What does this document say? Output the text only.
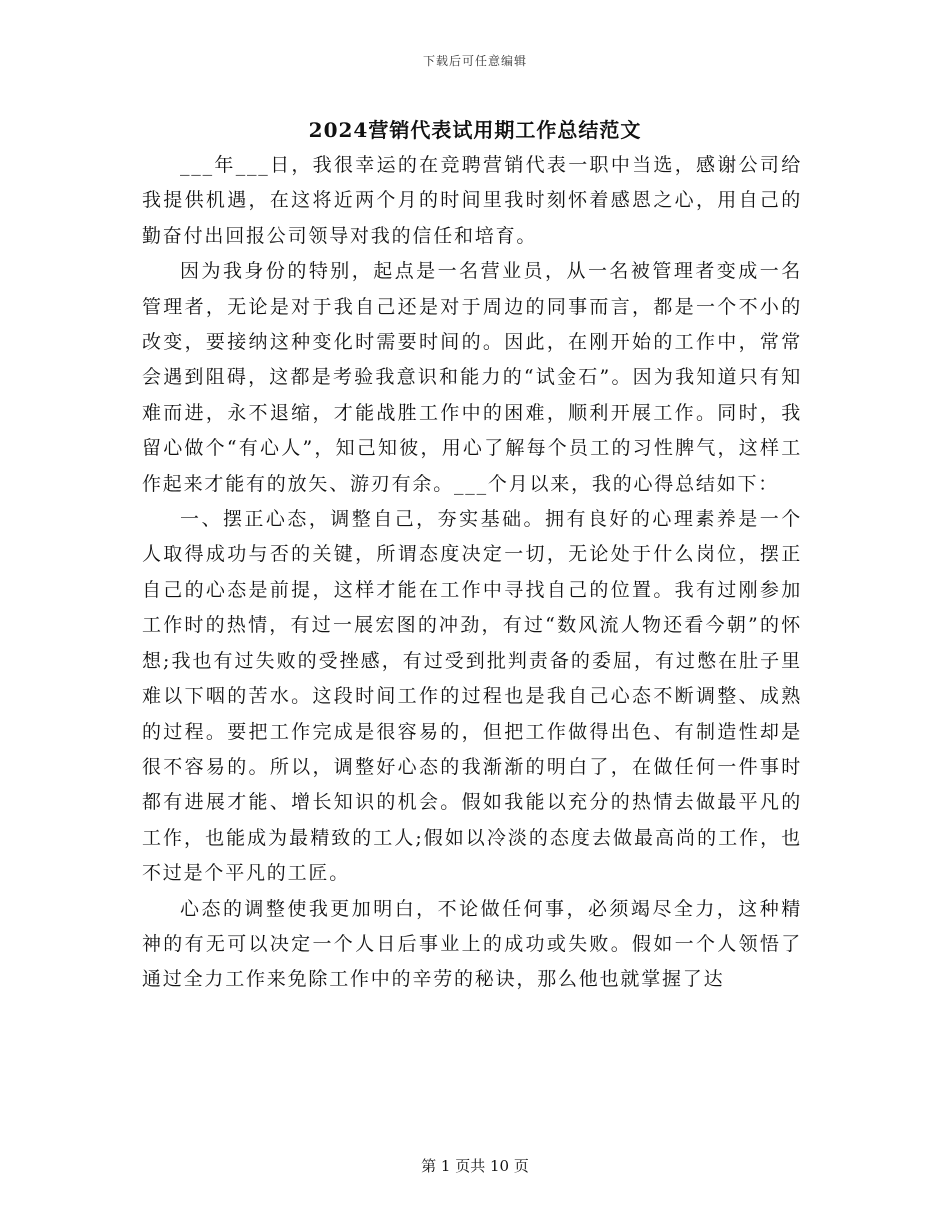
下载后可任意编辑
2024营销代表试用期工作总结范文

___年___日，我很幸运的在竞聘营销代表一职中当选，感谢公司给我提供机遇，在这将近两个月的时间里我时刻怀着感恩之心，用自己的勤奋付出回报公司领导对我的信任和培育。

因为我身份的特别，起点是一名营业员，从一名被管理者变成一名管理者，无论是对于我自己还是对于周边的同事而言，都是一个不小的改变，要接纳这种变化时需要时间的。因此，在刚开始的工作中，常常会遇到阻碍，这都是考验我意识和能力的“试金石”。因为我知道只有知难而进，永不退缩，才能战胜工作中的困难，顺利开展工作。同时，我留心做个“有心人”，知己知彼，用心了解每个员工的习性脾气，这样工作起来才能有的放矢、游刃有余。___个月以来，我的心得总结如下：

一、摆正心态，调整自己，夯实基础。拥有良好的心理素养是一个人取得成功与否的关键，所谓态度决定一切，无论处于什么岗位，摆正自己的心态是前提，这样才能在工作中寻找自己的位置。我有过刚参加工作时的热情，有过一展宏图的冲劲，有过“数风流人物还看今朝”的怀想;我也有过失败的受挫感，有过受到批判责备的委屈，有过憋在肚子里难以下咽的苦水。这段时间工作的过程也是我自己心态不断调整、成熟的过程。要把工作完成是很容易的，但把工作做得出色、有制造性却是很不容易的。所以，调整好心态的我渐渐的明白了，在做任何一件事时都有进展才能、增长知识的机会。假如我能以充分的热情去做最平凡的工作，也能成为最精致的工人;假如以冷淡的态度去做最高尚的工作，也不过是个平凡的工匠。

心态的调整使我更加明白，不论做任何事，必须竭尽全力，这种精神的有无可以决定一个人日后事业上的成功或失败。假如一个人领悟了通过全力工作来免除工作中的辛劳的秘诀，那么他也就掌握了达

第 1 页共 10 页
